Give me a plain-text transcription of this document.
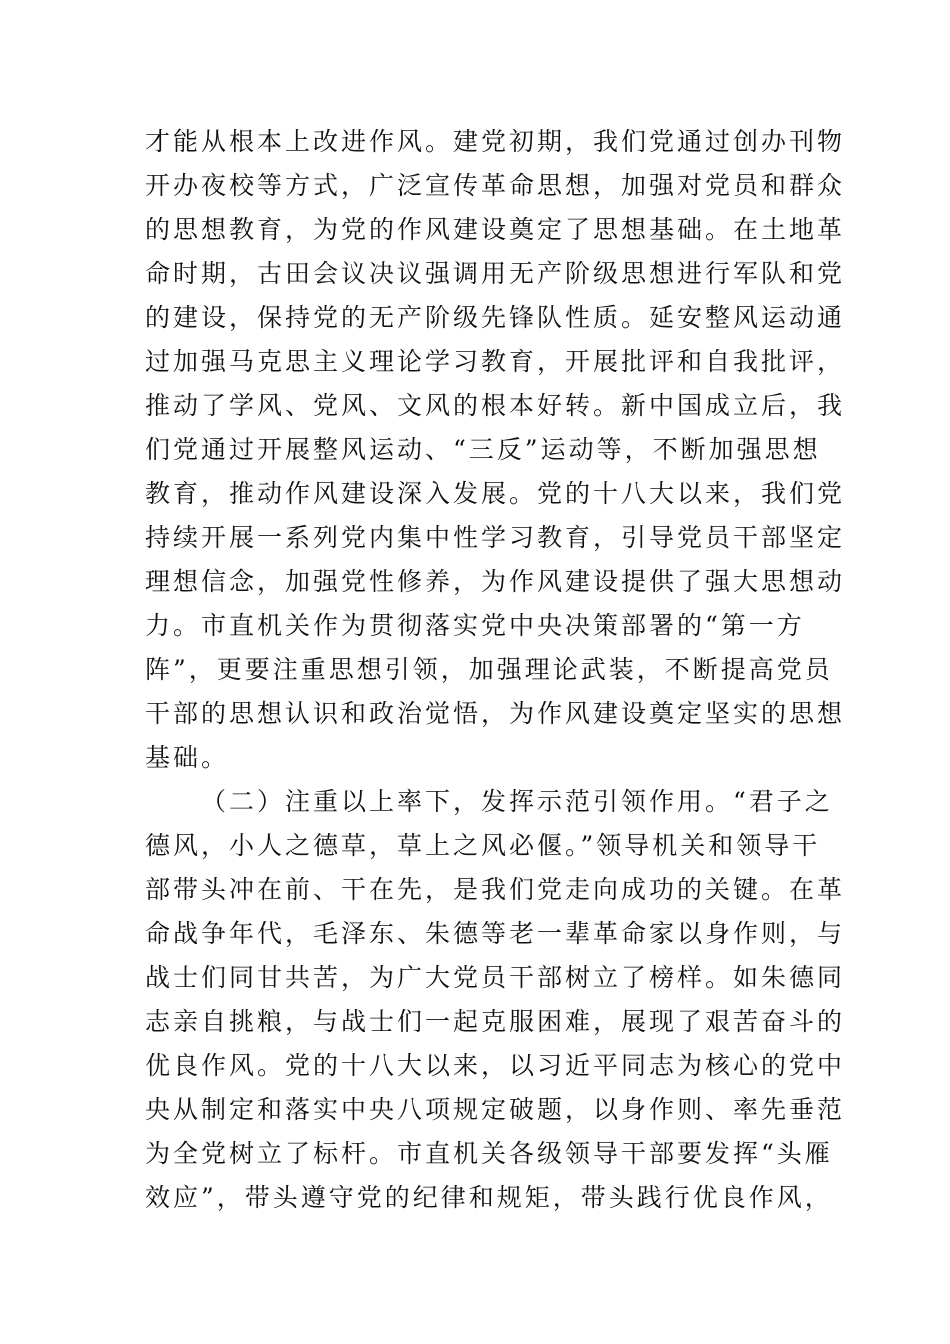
才能从根本上改进作风。建党初期，我们党通过创办刊物
开办夜校等方式，广泛宣传革命思想，加强对党员和群众
的思想教育，为党的作风建设奠定了思想基础。在土地革
命时期，古田会议决议强调用无产阶级思想进行军队和党
的建设，保持党的无产阶级先锋队性质。延安整风运动通
过加强马克思主义理论学习教育，开展批评和自我批评，
推动了学风、党风、文风的根本好转。新中国成立后，我
们党通过开展整风运动、“三反”运动等，不断加强思想
教育，推动作风建设深入发展。党的十八大以来，我们党
持续开展一系列党内集中性学习教育，引导党员干部坚定
理想信念，加强党性修养，为作风建设提供了强大思想动
力。市直机关作为贯彻落实党中央决策部署的“第一方
阵”，更要注重思想引领，加强理论武装，不断提高党员
干部的思想认识和政治觉悟，为作风建设奠定坚实的思想
基础。
（二）注重以上率下，发挥示范引领作用。“君子之
德风，小人之德草，草上之风必偃。”领导机关和领导干
部带头冲在前、干在先，是我们党走向成功的关键。在革
命战争年代，毛泽东、朱德等老一辈革命家以身作则，与
战士们同甘共苦，为广大党员干部树立了榜样。如朱德同
志亲自挑粮，与战士们一起克服困难，展现了艰苦奋斗的
优良作风。党的十八大以来，以习近平同志为核心的党中
央从制定和落实中央八项规定破题，以身作则、率先垂范
为全党树立了标杆。市直机关各级领导干部要发挥“头雁
效应”，带头遵守党的纪律和规矩，带头践行优良作风，
